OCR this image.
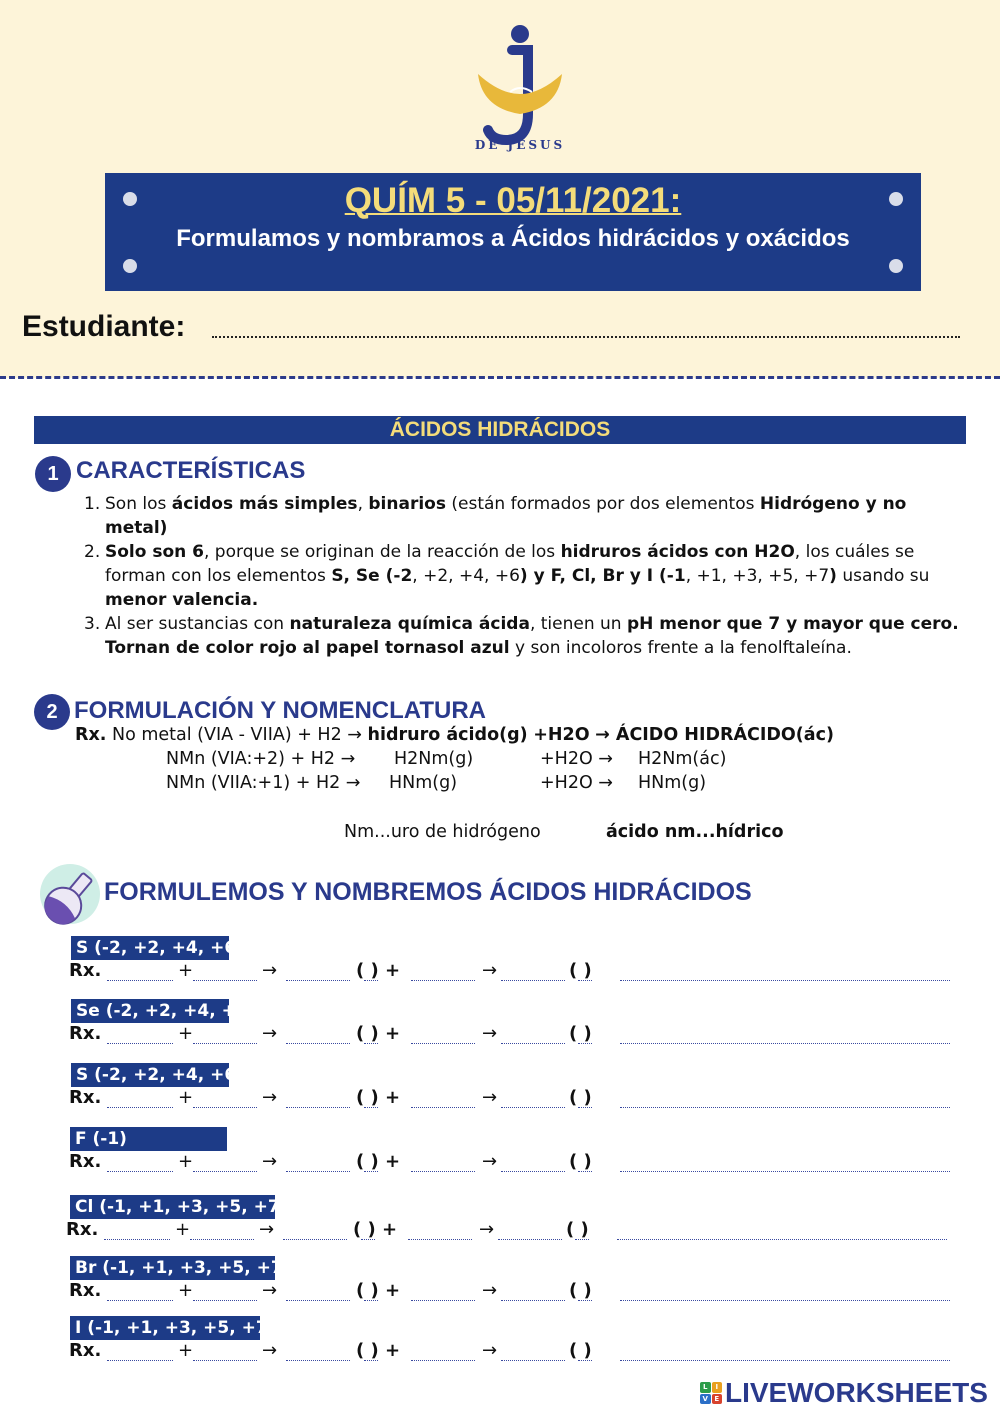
DE JESUS
QUÍM 5 - 05/11/2021:
Formulamos y nombramos a Ácidos hidrácidos y oxácidos
Estudiante:
ÁCIDOS HIDRÁCIDOS
1 CARACTERÍSTICAS
1. Son los ácidos más simples, binarios (están formados por dos elementos Hidrógeno y no metal)
2. Solo son 6, porque se originan de la reacción de los hidruros ácidos con H2O, los cuáles se forman con los elementos S, Se (-2, +2, +4, +6) y F, Cl, Br y I (-1, +1, +3, +5, +7) usando su menor valencia.
3. Al ser sustancias con naturaleza química ácida, tienen un pH menor que 7 y mayor que cero. Tornan de color rojo al papel tornasol azul y son incoloros frente a la fenolftaleína.
2 FORMULACIÓN Y NOMENCLATURA
Rx. No metal (VIA - VIIA) + H2 → hidruro ácido(g) +H2O → ÁCIDO HIDRÁCIDO(ác)
NMn (VIA:+2) + H2 → H2Nm(g)	+H2O → H2Nm(ác)
NMn (VIIA:+1) + H2 → HNm(g)	+H2O → HNm(g)
Nm...uro de hidrógeno	ácido nm...hídrico
FORMULEMOS Y NOMBREMOS ÁCIDOS HIDRÁCIDOS
S (-2, +2, +4, +6)
Rx.	+	→	( ) +	→	( )
Se (-2, +2, +4, +6
Rx.	+	→	( ) +	→	( )
S (-2, +2, +4, +6)
Rx.	+	→	( ) +	→	( )
F (-1)
Rx.	+	→	( ) +	→	( )
Cl (-1, +1, +3, +5, +7)
Rx.	+	→	( ) +	→	( )
Br (-1, +1, +3, +5, +7)
Rx.	+	→	( ) +	→	( )
I (-1, +1, +3, +5, +7)
Rx.	+	→	( ) +	→	( )
L	I
V E LIVEWORKSHEETS
